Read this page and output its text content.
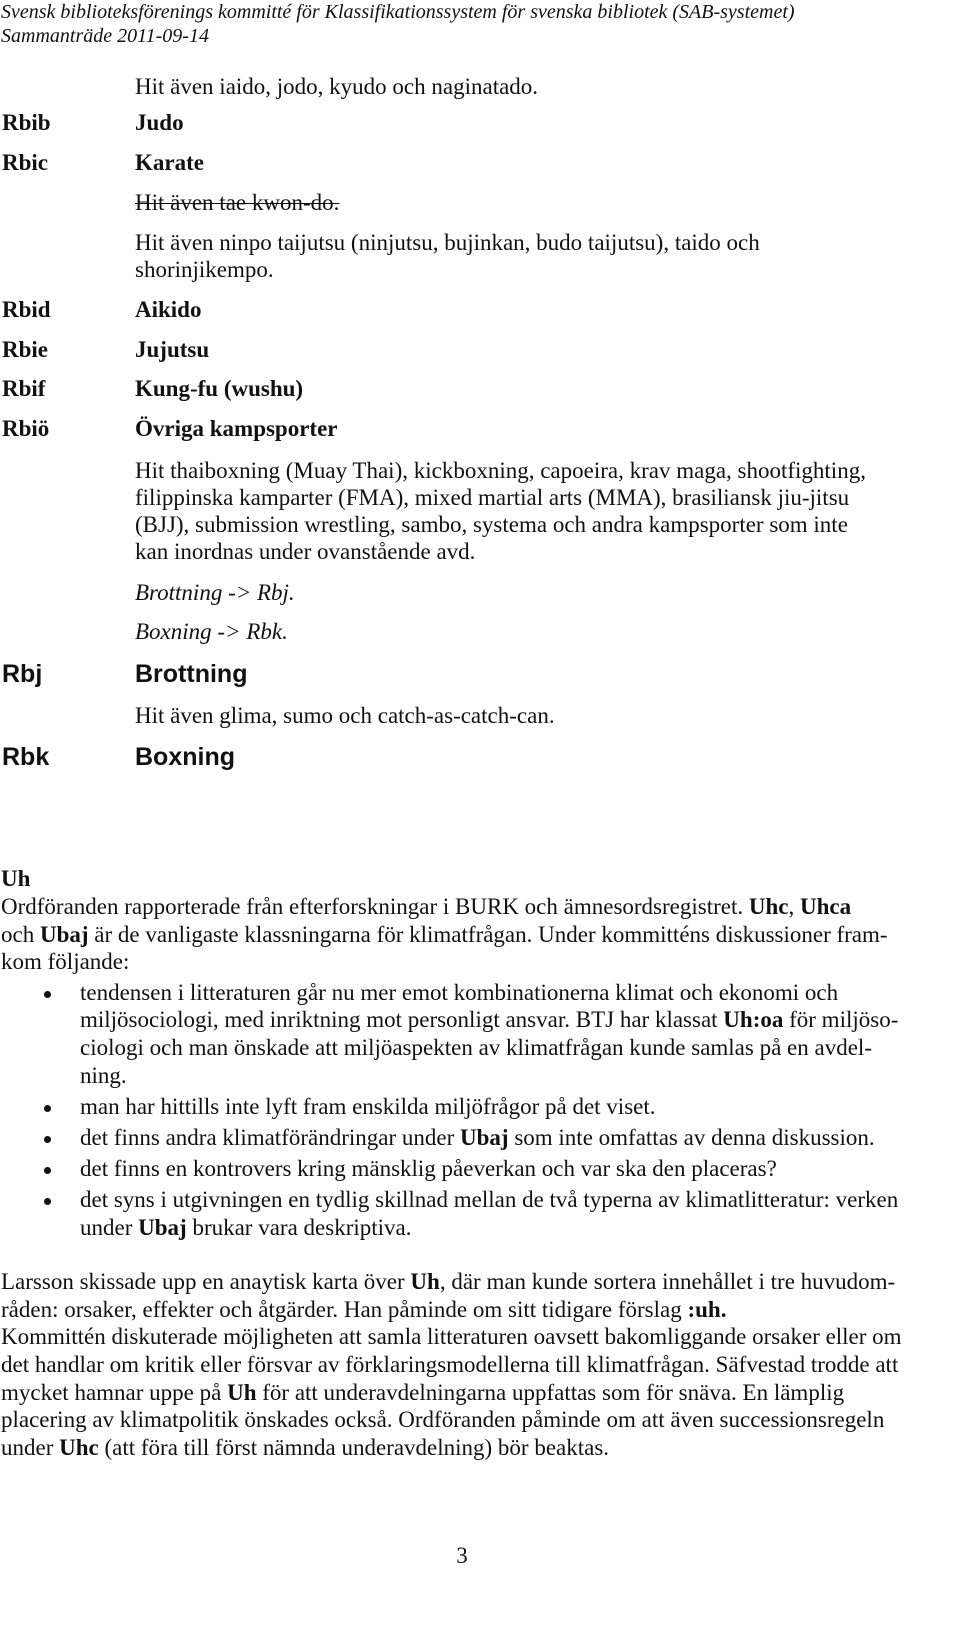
Svensk biblioteksförenings kommitté för Klassifikationssystem för svenska bibliotek (SAB-systemet)
Sammanträde 2011-09-14
Hit även iaido, jodo, kyudo och naginatado.
Rbib	Judo
Rbic	Karate
Hit även tae kwon-do.
Hit även ninpo taijutsu (ninjutsu, bujinkan, budo taijutsu), taido och
shorinjikempo.
Rbid	Aikido
Rbie	Jujutsu
Rbif	Kung-fu (wushu)
Rbiö	Övriga kampsporter
Hit thaiboxning (Muay Thai), kickboxning, capoeira, krav maga, shootfighting,
filippinska kamparter (FMA), mixed martial arts (MMA), brasiliansk jiu-jitsu
(BJJ), submission wrestling, sambo, systema och andra kampsporter som inte
kan inordnas under ovanstående avd.
Brottning -> Rbj.
Boxning -> Rbk.
Rbj	Brottning
Hit även glima, sumo och catch-as-catch-can.
Rbk	Boxning
Uh
Ordföranden rapporterade från efterforskningar i BURK och ämnesordsregistret. Uhc, Uhca
och Ubaj är de vanligaste klassningarna för klimatfrågan. Under kommitténs diskussioner fram-
kom följande:
tendensen i litteraturen går nu mer emot kombinationerna klimat och ekonomi och
miljösociologi, med inriktning mot personligt ansvar. BTJ har klassat Uh:oa för miljöso-
ciologi och man önskade att miljöaspekten av klimatfrågan kunde samlas på en avdel-
ning.
man har hittills inte lyft fram enskilda miljöfrågor på det viset.
det finns andra klimatförändringar under Ubaj som inte omfattas av denna diskussion.
det finns en kontrovers kring mänsklig påeverkan och var ska den placeras?
det syns i utgivningen en tydlig skillnad mellan de två typerna av klimatlitteratur: verken
under Ubaj brukar vara deskriptiva.
Larsson skissade upp en anaytisk karta över Uh, där man kunde sortera innehållet i tre huvudom-
råden: orsaker, effekter och åtgärder. Han påminde om sitt tidigare förslag :uh.
Kommittén diskuterade möjligheten att samla litteraturen oavsett bakomliggande orsaker eller om
det handlar om kritik eller försvar av förklaringsmodellerna till klimatfrågan. Säfvestad trodde att
mycket hamnar uppe på Uh för att underavdelningarna uppfattas som för snäva. En lämplig
placering av klimatpolitik önskades också. Ordföranden påminde om att även successionsregeln
under Uhc (att föra till först nämnda underavdelning) bör beaktas.
3
